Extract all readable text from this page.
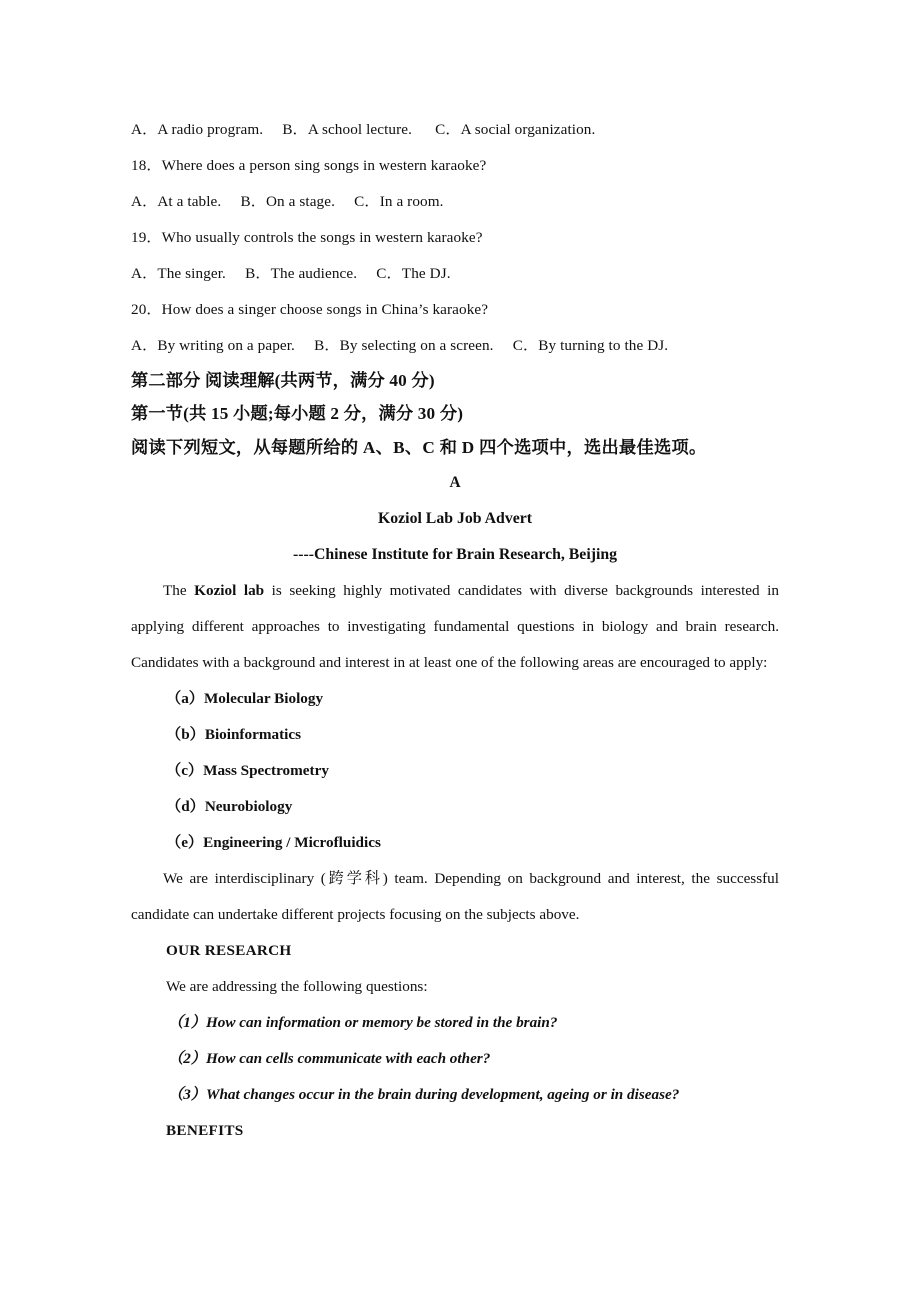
A．A radio program.  B．A school lecture.   C．A social organization.
18．Where does a person sing songs in western karaoke?
A．At a table.  B．On a stage.  C．In a room.
19．Who usually controls the songs in western karaoke?
A．The singer.  B．The audience.  C．The DJ.
20．How does a singer choose songs in China’s karaoke?
A．By writing on a paper.  B．By selecting on a screen.  C．By turning to the DJ.
第二部分 阅读理解(共两节，满分 40 分)
第一节(共 15 小题;每小题 2 分，满分 30 分)
阅读下列短文，从每题所给的 A、B、C 和 D 四个选项中，选出最佳选项。
A
Koziol Lab Job Advert
----Chinese Institute for Brain Research, Beijing

The Koziol lab is seeking highly motivated candidates with diverse backgrounds interested in applying different approaches to investigating fundamental questions in biology and brain research. Candidates with a background and interest in at least one of the following areas are encouraged to apply:

（a）Molecular Biology
（b）Bioinformatics
（c）Mass Spectrometry
（d）Neurobiology
（e）Engineering / Microfluidics

We are interdisciplinary (跨学科) team. Depending on background and interest, the successful candidate can undertake different projects focusing on the subjects above.

OUR RESEARCH
We are addressing the following questions:
（1）How can information or memory be stored in the brain?
（2）How can cells communicate with each other?
（3）What changes occur in the brain during development, ageing or in disease?
BENEFITS
